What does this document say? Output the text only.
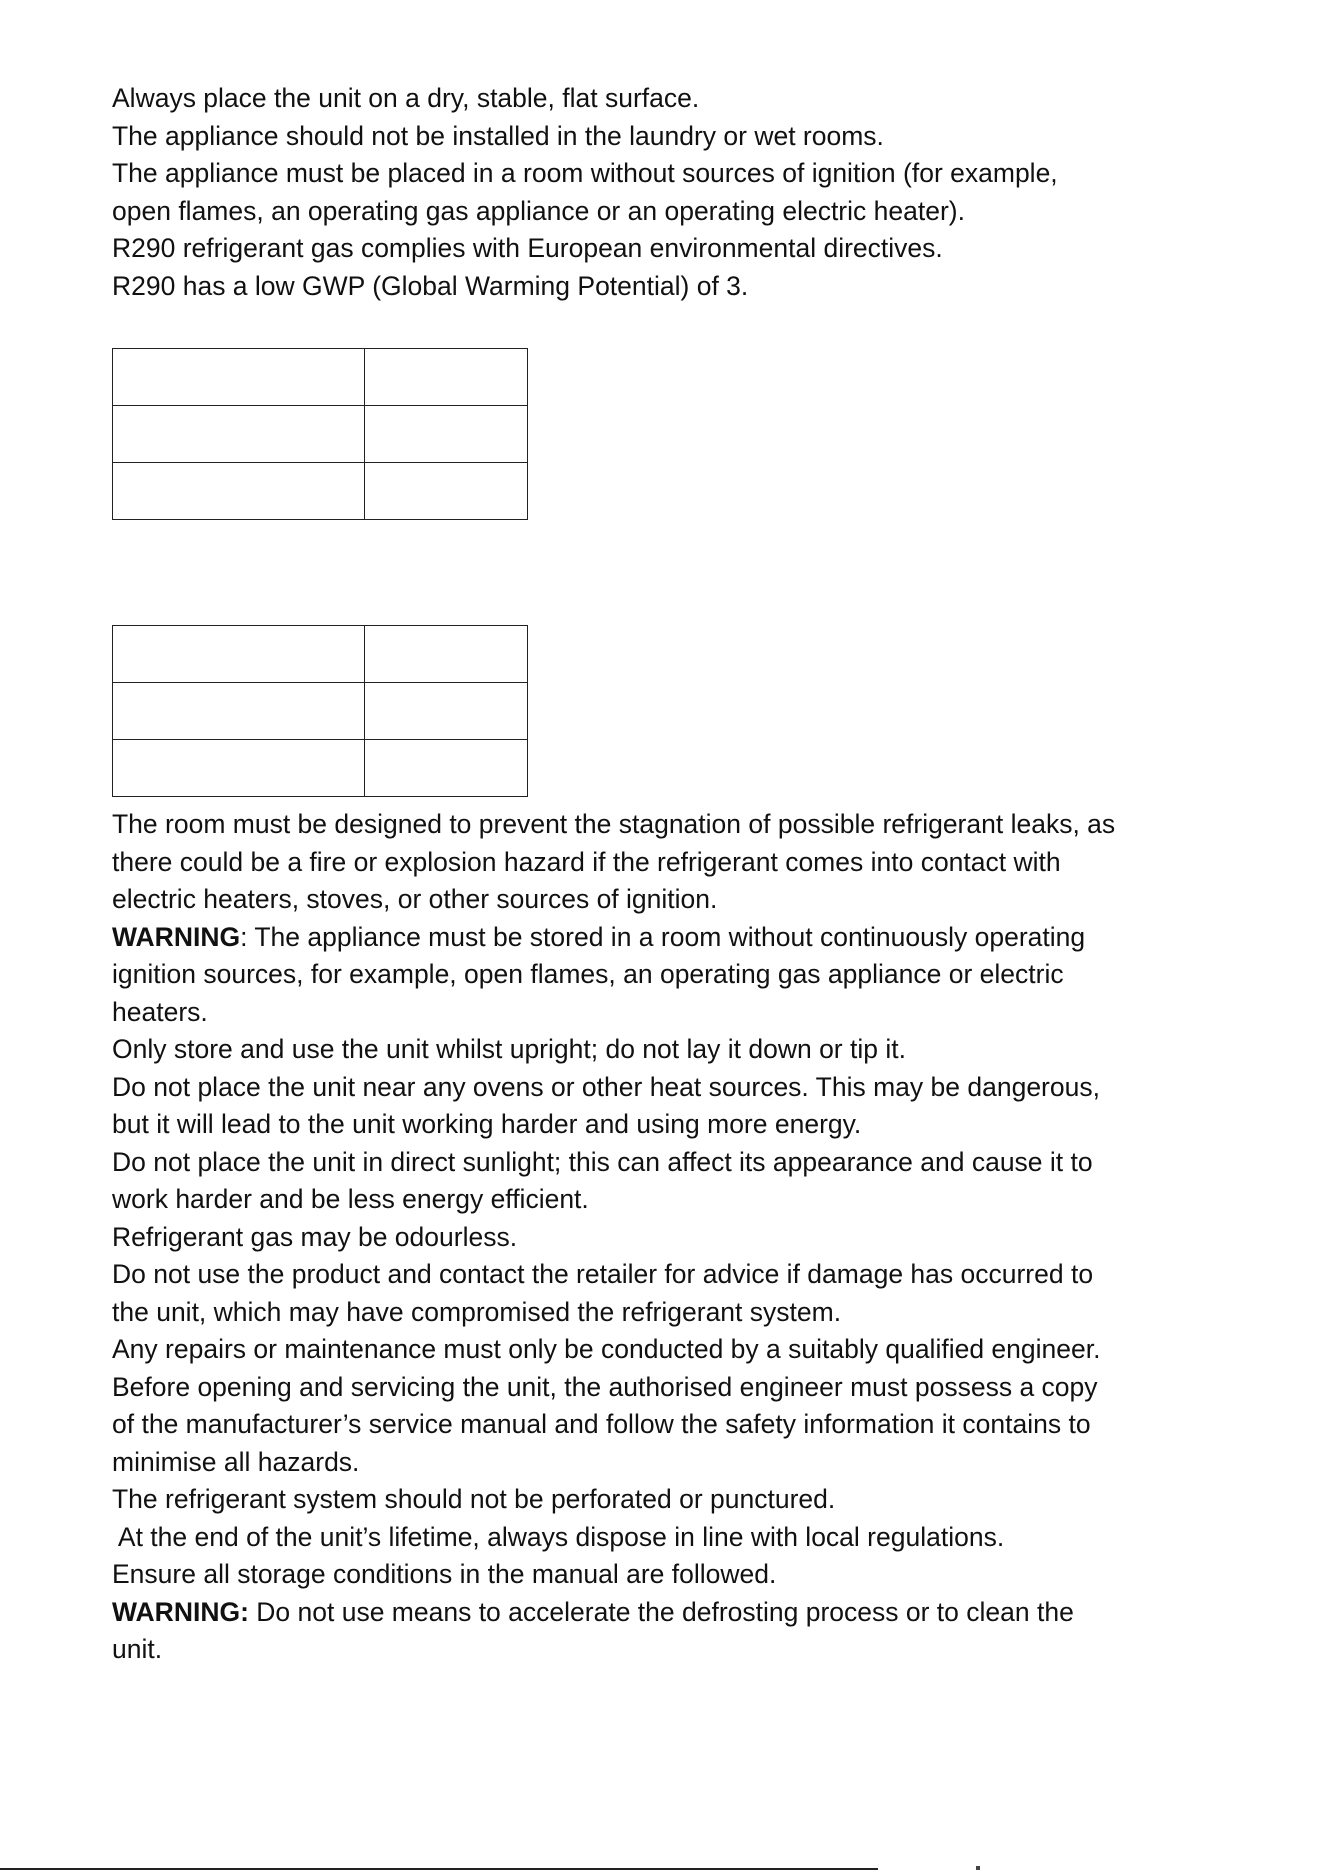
Always place the unit on a dry, stable, flat surface.

The appliance should not be installed in the laundry or wet rooms.

The appliance must be placed in a room without sources of ignition (for example,

open flames, an operating gas appliance or an operating electric heater).

R290 refrigerant gas complies with European environmental directives.

R290 has a low GWP (Global Warming Potential) of 3.

The room must be designed to prevent the stagnation of possible refrigerant leaks, as

there could be a fire or explosion hazard if the refrigerant comes into contact with

electric heaters, stoves, or other sources of ignition.

WARNING: The appliance must be stored in a room without continuously operating

ignition sources, for example, open flames, an operating gas appliance or electric

heaters.

Only store and use the unit whilst upright; do not lay it down or tip it.

Do not place the unit near any ovens or other heat sources. This may be dangerous,

but it will lead to the unit working harder and using more energy.

Do not place the unit in direct sunlight; this can affect its appearance and cause it to

work harder and be less energy efficient.

Refrigerant gas may be odourless.

Do not use the product and contact the retailer for advice if damage has occurred to

the unit, which may have compromised the refrigerant system.

Any repairs or maintenance must only be conducted by a suitably qualified engineer.

Before opening and servicing the unit, the authorised engineer must possess a copy

of the manufacturer’s service manual and follow the safety information it contains to

minimise all hazards.

The refrigerant system should not be perforated or punctured.

At the end of the unit’s lifetime, always dispose in line with local regulations.

Ensure all storage conditions in the manual are followed.

WARNING: Do not use means to accelerate the defrosting process or to clean the

unit.
